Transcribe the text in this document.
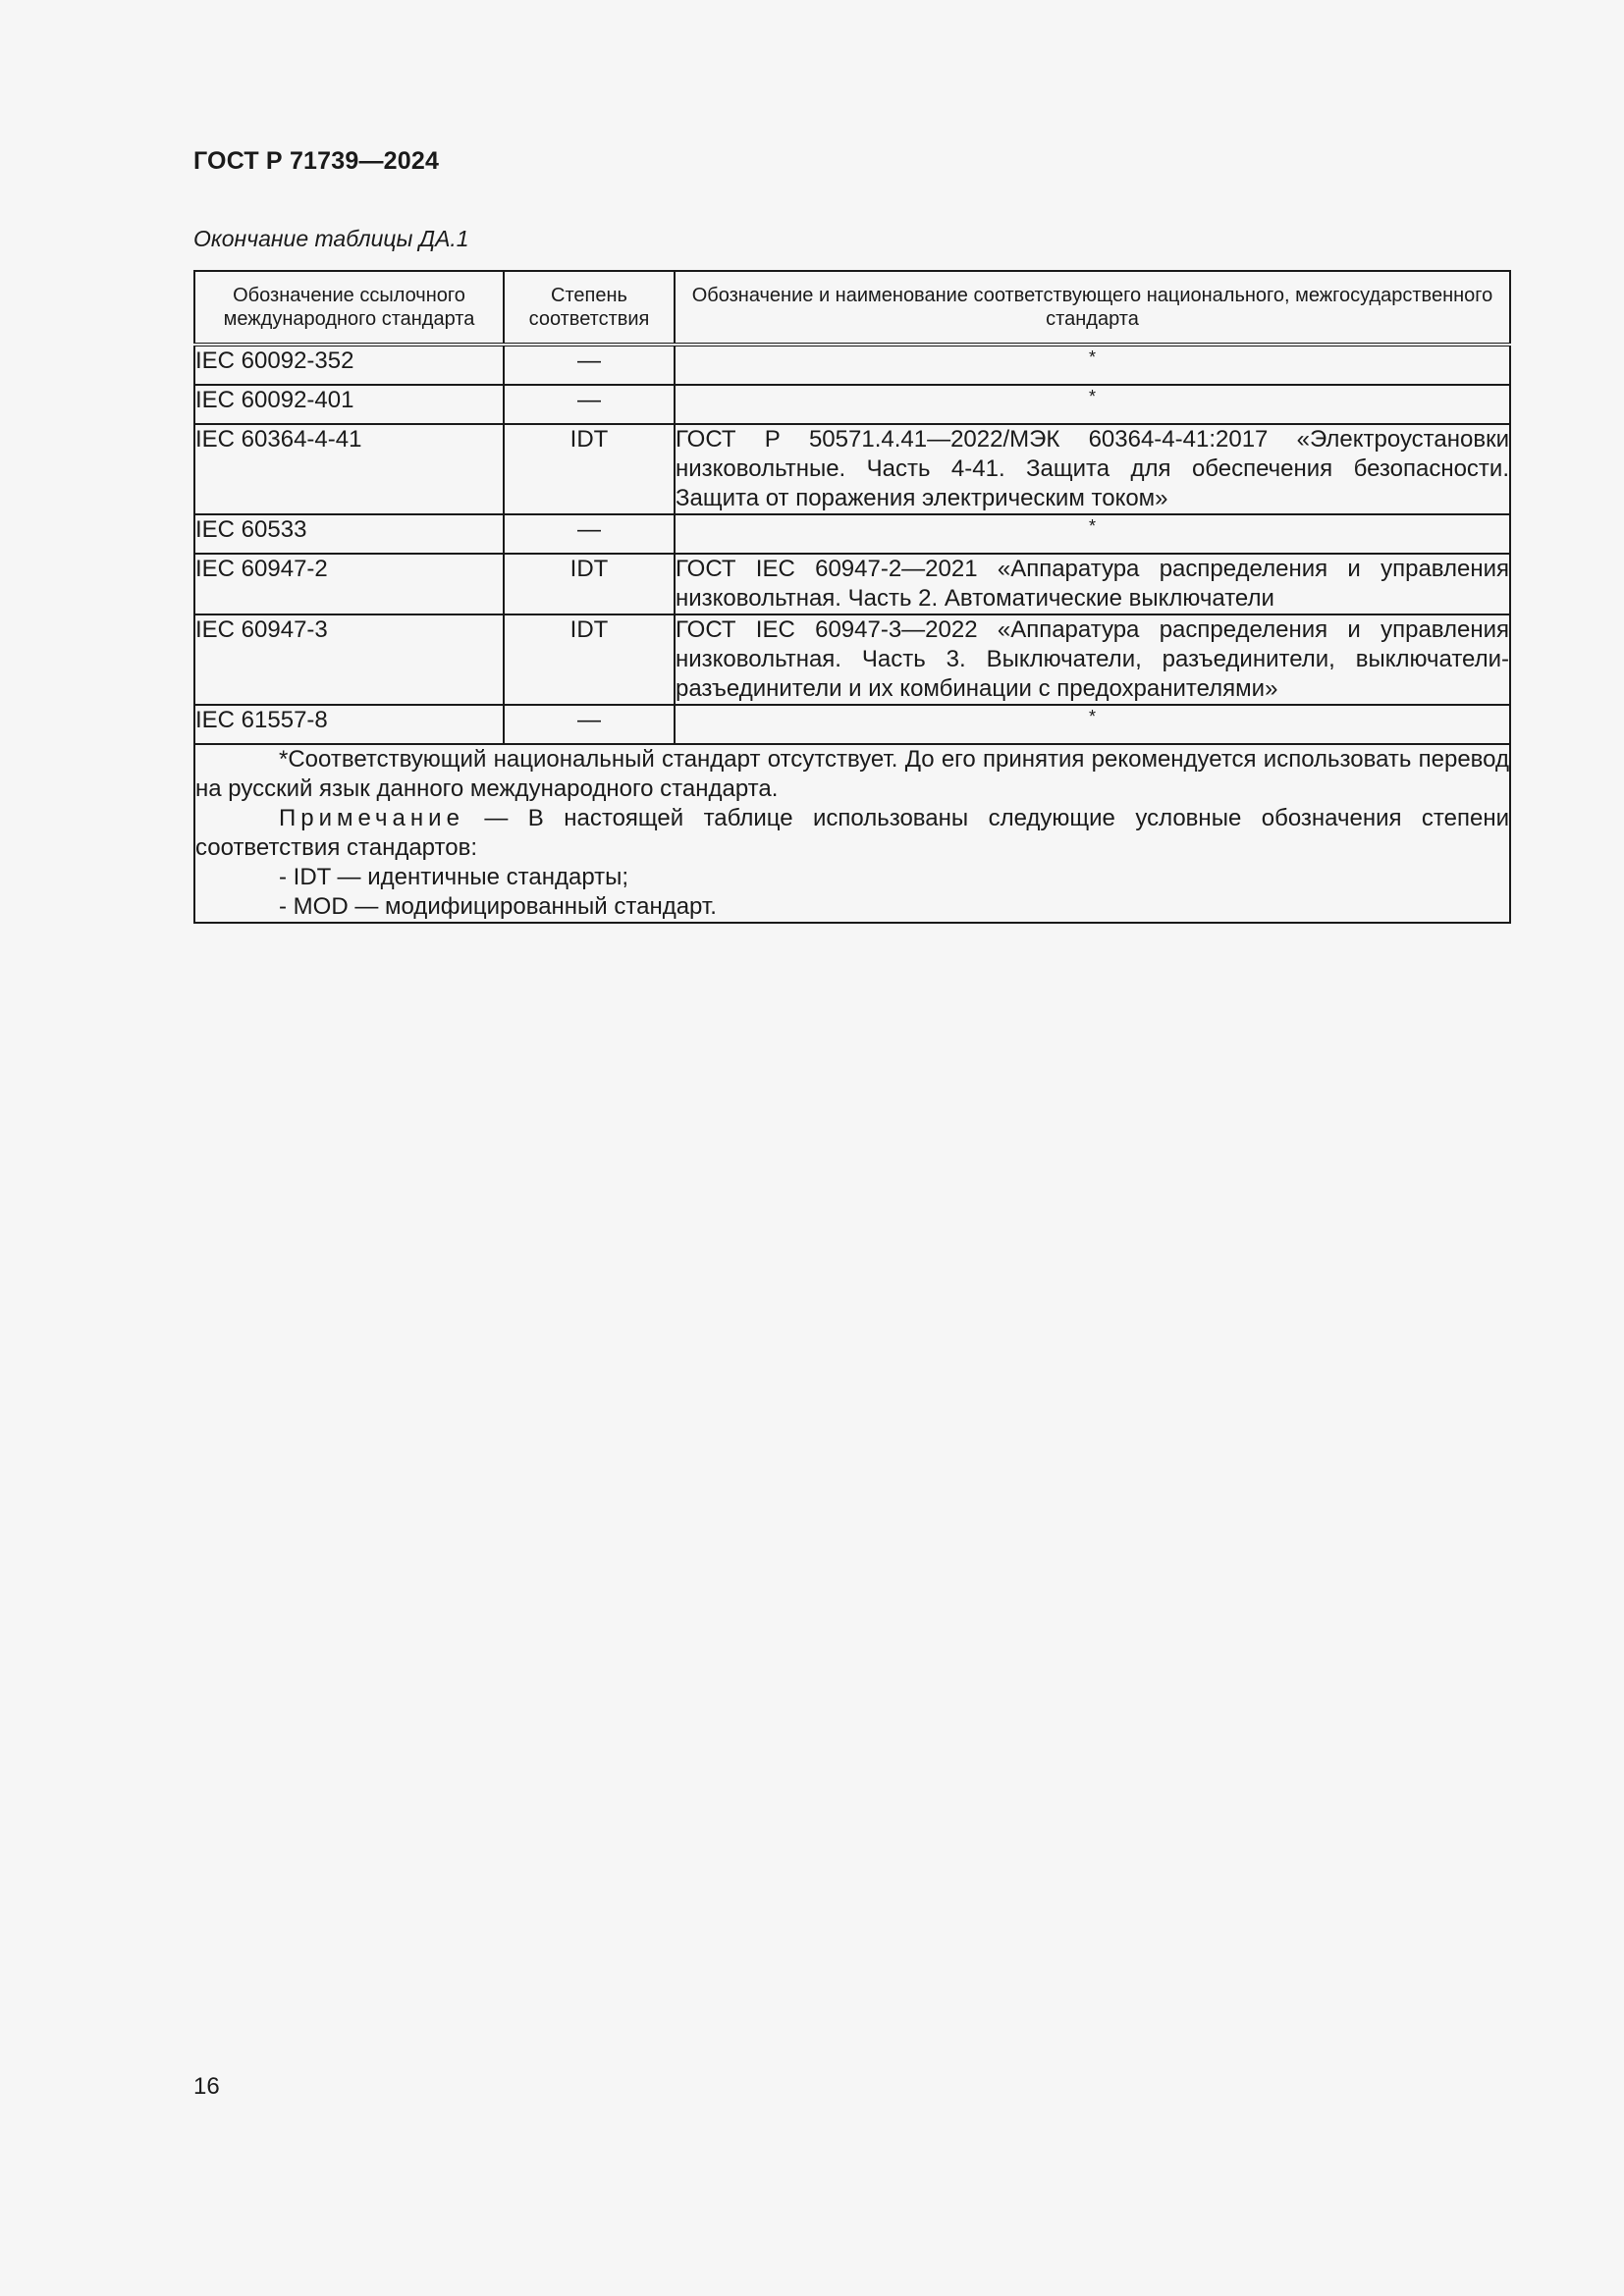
ГОСТ Р 71739—2024
Окончание таблицы ДА.1
Обозначение ссылочного международного стандарта	Степень соответствия	Обозначение и наименование соответствующего национального, межгосударственного стандарта
IEC 60092-352	—	*
IEC 60092-401	—	*
IEC 60364-4-41	IDT	ГОСТ Р 50571.4.41—2022/МЭК 60364-4-41:2017 «Электроустановки низковольтные. Часть 4-41. Защита для обеспечения безопасности. Защита от поражения электрическим током»
IEC 60533	—	*
IEC 60947-2	IDT	ГОСТ IEC 60947-2—2021 «Аппаратура распределения и управления низковольтная. Часть 2. Автоматические выключатели
IEC 60947-3	IDT	ГОСТ IEC 60947-3—2022 «Аппаратура распределения и управления низковольтная. Часть 3. Выключатели, разъединители, выключатели-разъединители и их комбинации с предохранителями»
IEC 61557-8	—	*

*Соответствующий национальный стандарт отсутствует. До его принятия рекомендуется использовать перевод на русский язык данного международного стандарта.
Примечание — В настоящей таблице использованы следующие условные обозначения степени соответствия стандартов:
- IDT — идентичные стандарты;
- MOD — модифицированный стандарт.		
16
